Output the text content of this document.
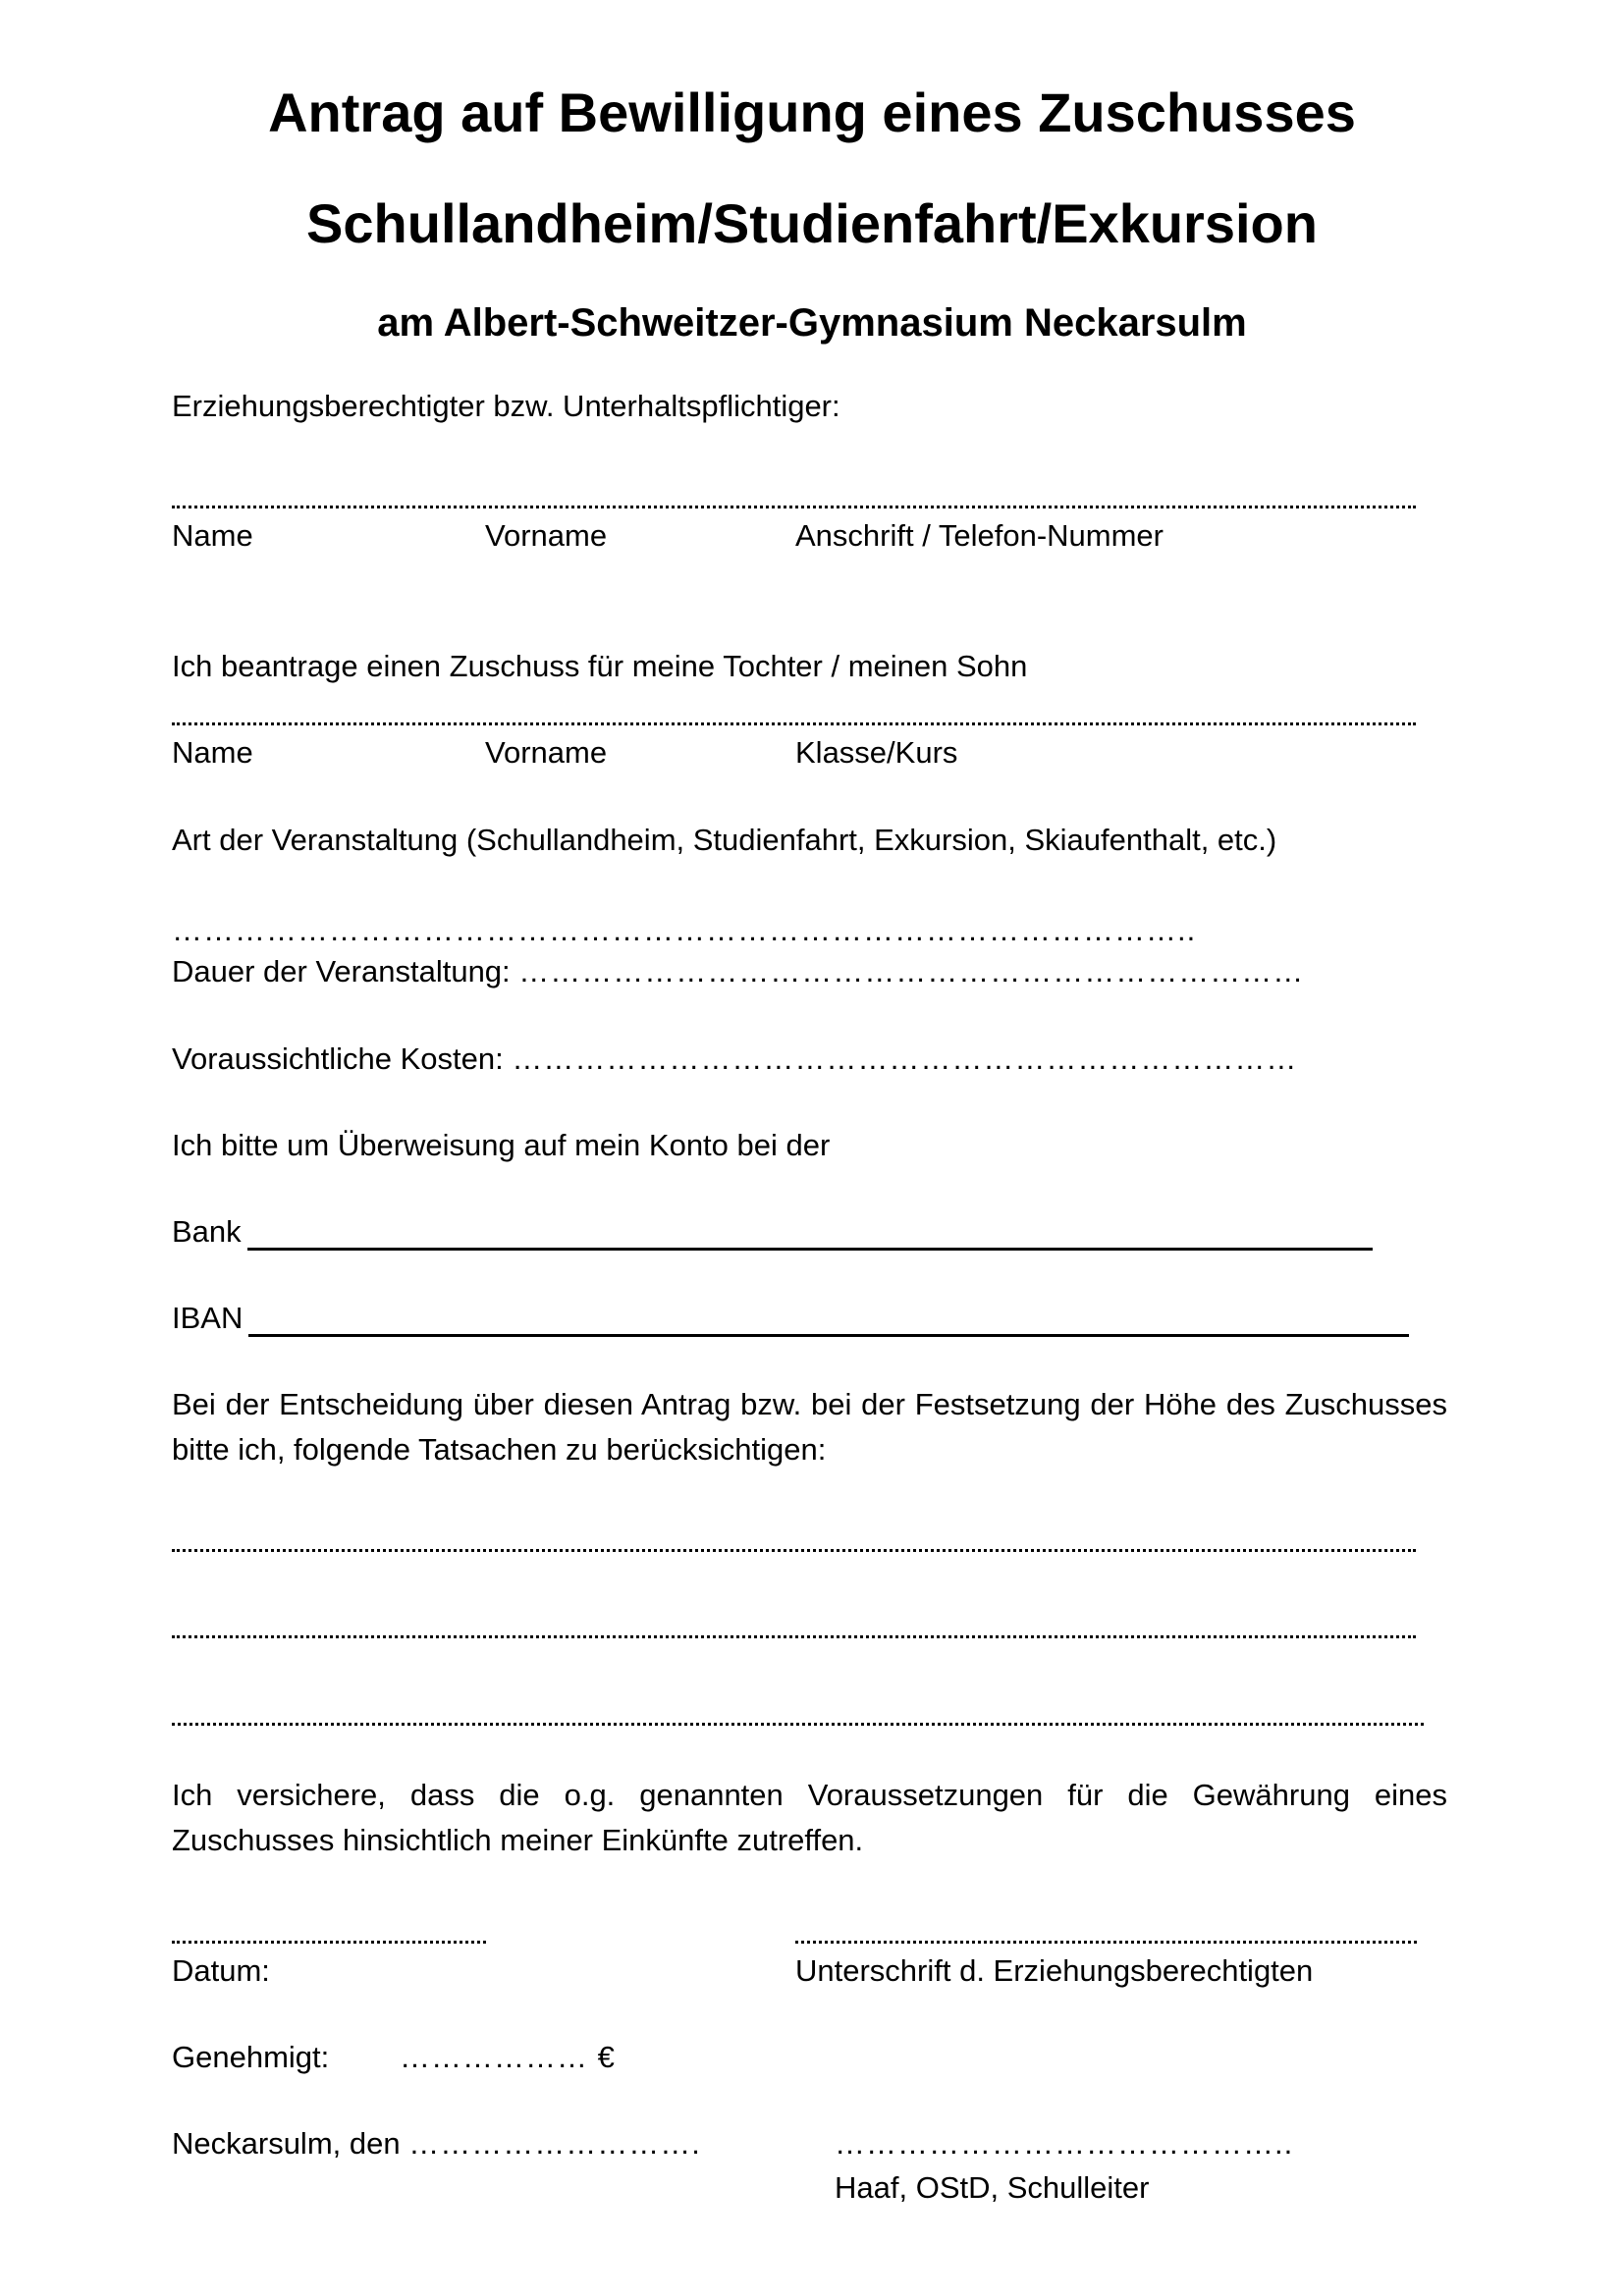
Antrag auf Bewilligung eines Zuschusses
Schullandheim/Studienfahrt/Exkursion
am Albert-Schweitzer-Gymnasium Neckarsulm
Erziehungsberechtigter bzw. Unterhaltspflichtiger:
Name	Vorname	Anschrift / Telefon-Nummer
Ich beantrage einen Zuschuss für meine Tochter / meinen Sohn
Name	Vorname	Klasse/Kurs
Art der Veranstaltung (Schullandheim, Studienfahrt, Exkursion, Skiaufenthalt, etc.)
……………………………………………………………………………………..
Dauer der Veranstaltung: …………………………………………………………………
Voraussichtliche Kosten: …………………………………………………………………
Ich bitte um Überweisung auf mein Konto bei der
Bank
IBAN
Bei der Entscheidung über diesen Antrag bzw. bei der Festsetzung der Höhe des Zuschusses bitte ich, folgende Tatsachen zu berücksichtigen:
Ich versichere, dass die o.g. genannten Voraussetzungen für die Gewährung eines Zuschusses hinsichtlich meiner Einkünfte zutreffen.
Datum:	Unterschrift d. Erziehungsberechtigten
Genehmigt: ……………… €
Neckarsulm, den ……………………….	……………………………………..
Haaf, OStD, Schulleiter
